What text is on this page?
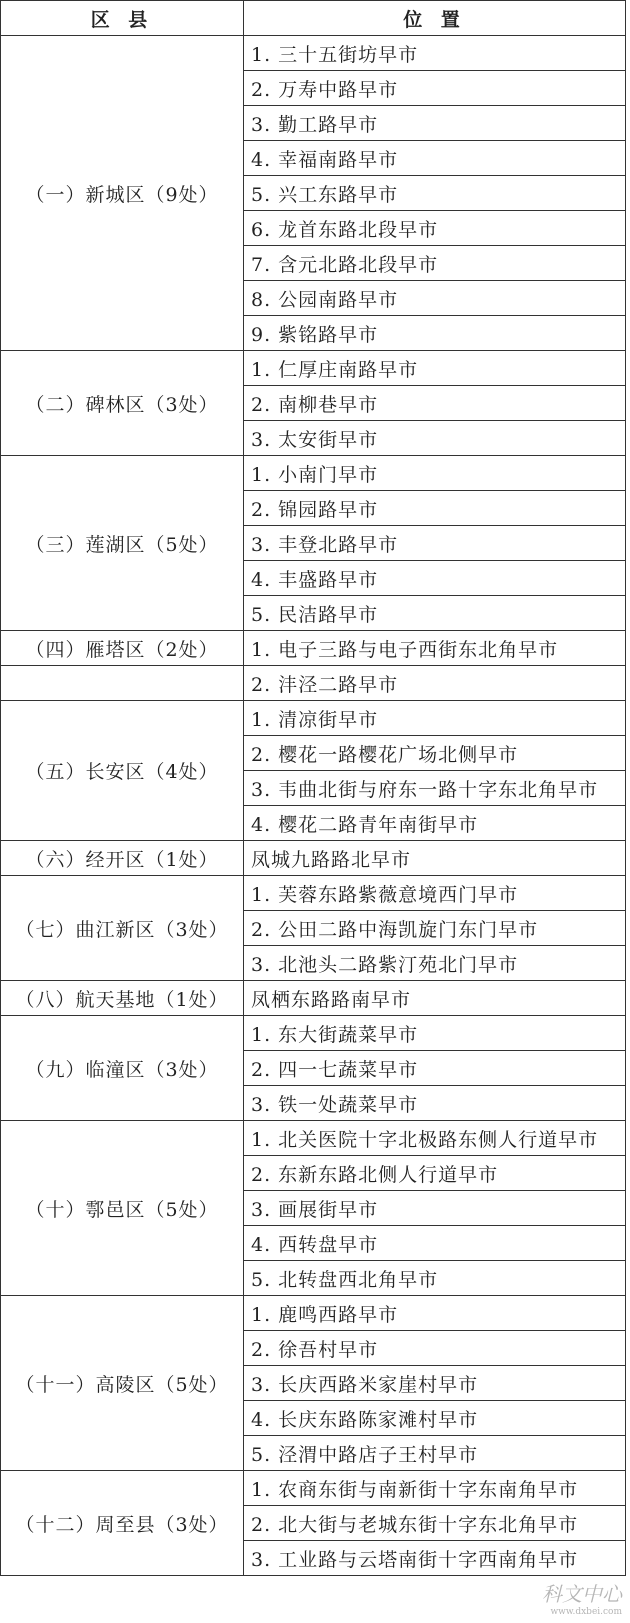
区 县	位 置
（一）新城区（9处）	1. 三十五街坊早市
	2. 万寿中路早市
	3. 勤工路早市
	4. 幸福南路早市
	5. 兴工东路早市
	6. 龙首东路北段早市
	7. 含元北路北段早市
	8. 公园南路早市
	9. 紫铭路早市
（二）碑林区（3处）	1. 仁厚庄南路早市
	2. 南柳巷早市
	3. 太安街早市
（三）莲湖区（5处）	1. 小南门早市
	2. 锦园路早市
	3. 丰登北路早市
	4. 丰盛路早市
	5. 民洁路早市
（四）雁塔区（2处）	1. 电子三路与电子西街东北角早市
	2. 沣泾二路早市
（五）长安区（4处）	1. 清凉街早市
	2. 樱花一路樱花广场北侧早市
	3. 韦曲北街与府东一路十字东北角早市
	4. 樱花二路青年南街早市
（六）经开区（1处）	凤城九路路北早市
（七）曲江新区（3处）	1. 芙蓉东路紫薇意境西门早市
	2. 公田二路中海凯旋门东门早市
	3. 北池头二路紫汀苑北门早市
（八）航天基地（1处）	凤栖东路路南早市
（九）临潼区（3处）	1. 东大街蔬菜早市
	2. 四一七蔬菜早市
	3. 铁一处蔬菜早市
（十）鄠邑区（5处）	1. 北关医院十字北极路东侧人行道早市
	2. 东新东路北侧人行道早市
	3. 画展街早市
	4. 西转盘早市
	5. 北转盘西北角早市
（十一）高陵区（5处）	1. 鹿鸣西路早市
	2. 徐吾村早市
	3. 长庆西路米家崖村早市
	4. 长庆东路陈家滩村早市
	5. 泾渭中路店子王村早市
（十二）周至县（3处）	1. 农商东街与南新街十字东南角早市
	2. 北大街与老城东街十字东北角早市
	3. 工业路与云塔南街十字西南角早市
科文中心
www.dxbei.com
